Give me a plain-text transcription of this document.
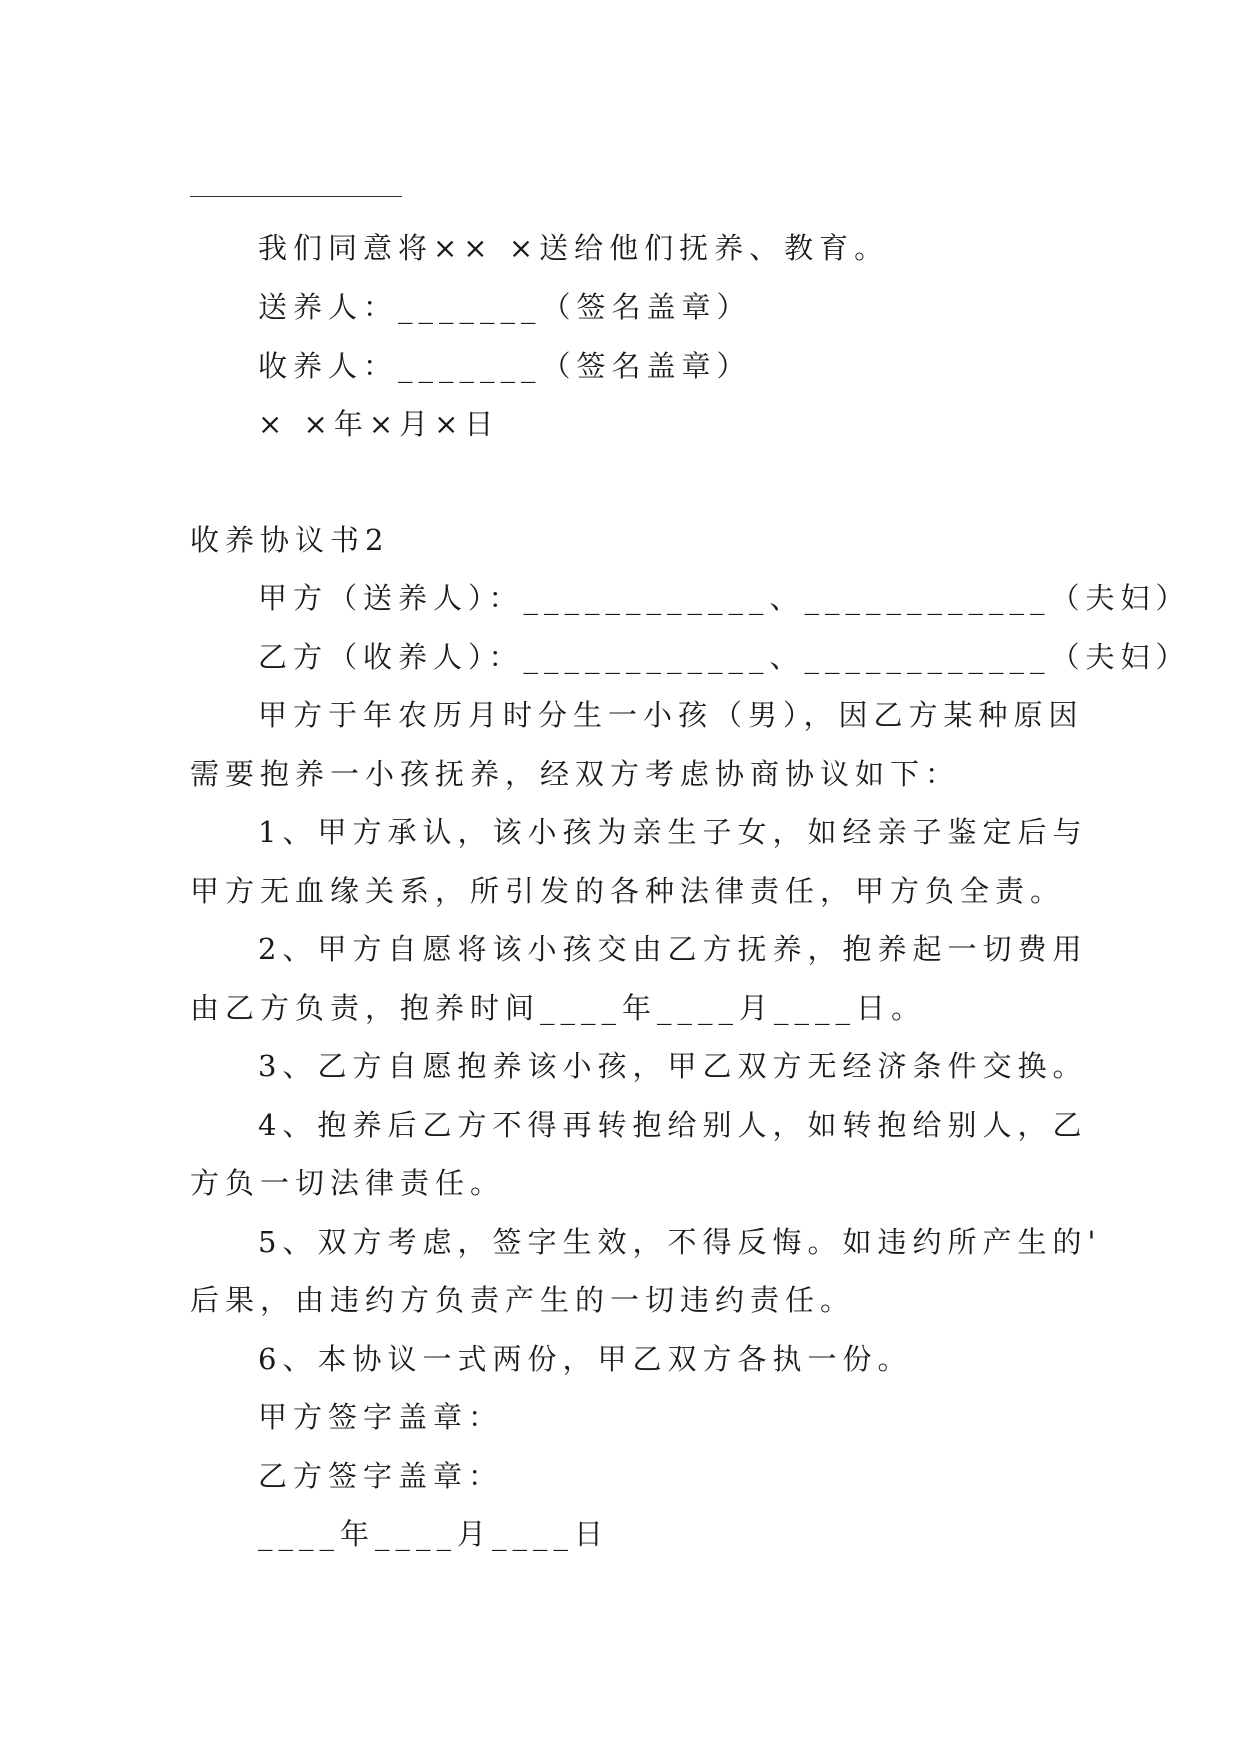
我们同意将×× ×送给他们抚养、教育。
送养人：_______（签名盖章）
收养人：_______（签名盖章）
× ×年×月×日
收养协议书2
甲方（送养人）：____________、____________（夫妇）
乙方（收养人）：____________、____________（夫妇）
甲方于年农历月时分生一小孩（男），因乙方某种原因
需要抱养一小孩抚养，经双方考虑协商协议如下：
1、甲方承认，该小孩为亲生子女，如经亲子鉴定后与
甲方无血缘关系，所引发的各种法律责任，甲方负全责。
2、甲方自愿将该小孩交由乙方抚养，抱养起一切费用
由乙方负责，抱养时间____年____月____日。
3、乙方自愿抱养该小孩，甲乙双方无经济条件交换。
4、抱养后乙方不得再转抱给别人，如转抱给别人，乙
方负一切法律责任。
5、双方考虑，签字生效，不得反悔。如违约所产生的'
后果，由违约方负责产生的一切违约责任。
6、本协议一式两份，甲乙双方各执一份。
甲方签字盖章：
乙方签字盖章：
____年____月____日
